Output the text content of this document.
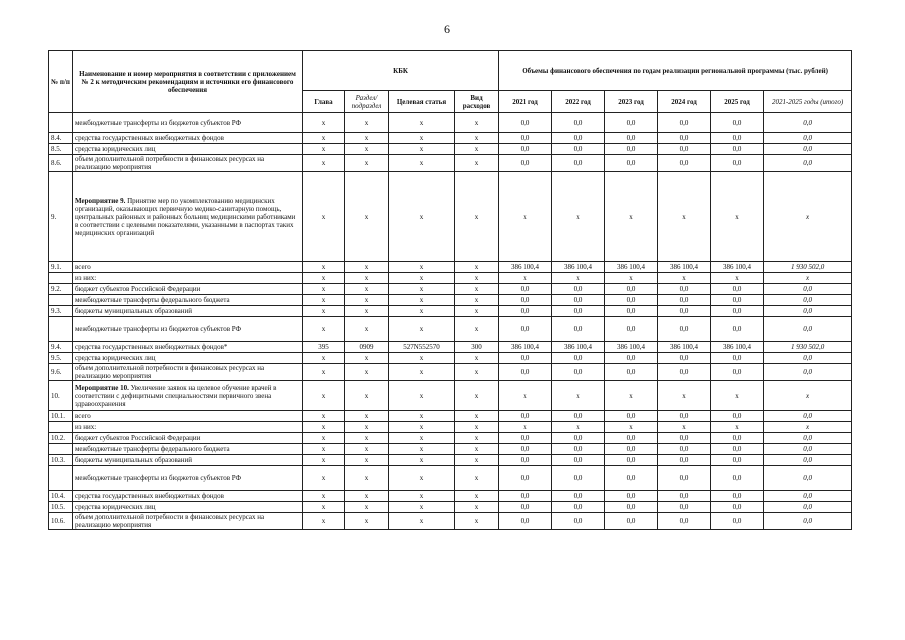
6
№ п/п	Наименование и номер мероприятия в соответствии с приложением № 2 к методическим рекомендациям и источники его финансового обеспечения	КБК				Объемы финансового обеспечения по годам реализации региональной программы (тыс. рублей)					
		Глава	Раздел/ подраздел	Целевая статья	Вид расходов	2021 год	2022 год	2023 год	2024 год	2025 год	2021-2025 годы (итого)
	межбюджетные трансферты из бюджетов субъектов РФ	x	x	x	x	0,0	0,0	0,0	0,0	0,0	0,0
8.4.	средства государственных внебюджетных фондов	x	x	x	x	0,0	0,0	0,0	0,0	0,0	0,0
8.5.	средства юридических лиц	x	x	x	x	0,0	0,0	0,0	0,0	0,0	0,0
8.6.	объем дополнительной потребности в финансовых ресурсах на реализацию мероприятия	x	x	x	x	0,0	0,0	0,0	0,0	0,0	0,0
9.	Мероприятие 9. Принятие мер по укомплектованию медицинских организаций, оказывающих первичную медико-санитарную помощь, центральных районных и районных больниц медицинскими работниками в соответствии с целевыми показателями, указанными в паспортах таких медицинских организаций	x	x	x	x	x	x	x	x	x	x
9.1.	всего	x	x	x	x	386 100,4	386 100,4	386 100,4	386 100,4	386 100,4	1 930 502,0
	из них:	x	x	x	x	x	x	x	x	x	x
9.2.	бюджет субъектов Российской Федерации	x	x	x	x	0,0	0,0	0,0	0,0	0,0	0,0
	межбюджетные трансферты федерального бюджета	x	x	x	x	0,0	0,0	0,0	0,0	0,0	0,0
9.3.	бюджеты муниципальных образований	x	x	x	x	0,0	0,0	0,0	0,0	0,0	0,0
	межбюджетные трансферты из бюджетов субъектов РФ	x	x	x	x	0,0	0,0	0,0	0,0	0,0	0,0
9.4.	средства государственных внебюджетных фондов*	395	0909	527N552570	300	386 100,4	386 100,4	386 100,4	386 100,4	386 100,4	1 930 502,0
9.5.	средства юридических лиц	x	x	x	x	0,0	0,0	0,0	0,0	0,0	0,0
9.6.	объем дополнительной потребности в финансовых ресурсах на реализацию мероприятия	x	x	x	x	0,0	0,0	0,0	0,0	0,0	0,0
10.	Мероприятие 10. Увеличение заявок на целевое обучение врачей в соответствии с дефицитными специальностями первичного звена здравоохранения	x	x	x	x	x	x	x	x	x	x
10.1.	всего	x	x	x	x	0,0	0,0	0,0	0,0	0,0	0,0
	из них:	x	x	x	x	x	x	x	x	x	x
10.2.	бюджет субъектов Российской Федерации	x	x	x	x	0,0	0,0	0,0	0,0	0,0	0,0
	межбюджетные трансферты федерального бюджета	x	x	x	x	0,0	0,0	0,0	0,0	0,0	0,0
10.3.	бюджеты муниципальных образований	x	x	x	x	0,0	0,0	0,0	0,0	0,0	0,0
	межбюджетные трансферты из бюджетов субъектов РФ	x	x	x	x	0,0	0,0	0,0	0,0	0,0	0,0
10.4.	средства государственных внебюджетных фондов	x	x	x	x	0,0	0,0	0,0	0,0	0,0	0,0
10.5.	средства юридических лиц	x	x	x	x	0,0	0,0	0,0	0,0	0,0	0,0
10.6.	объем дополнительной потребности в финансовых ресурсах на реализацию мероприятия	x	x	x	x	0,0	0,0	0,0	0,0	0,0	0,0
